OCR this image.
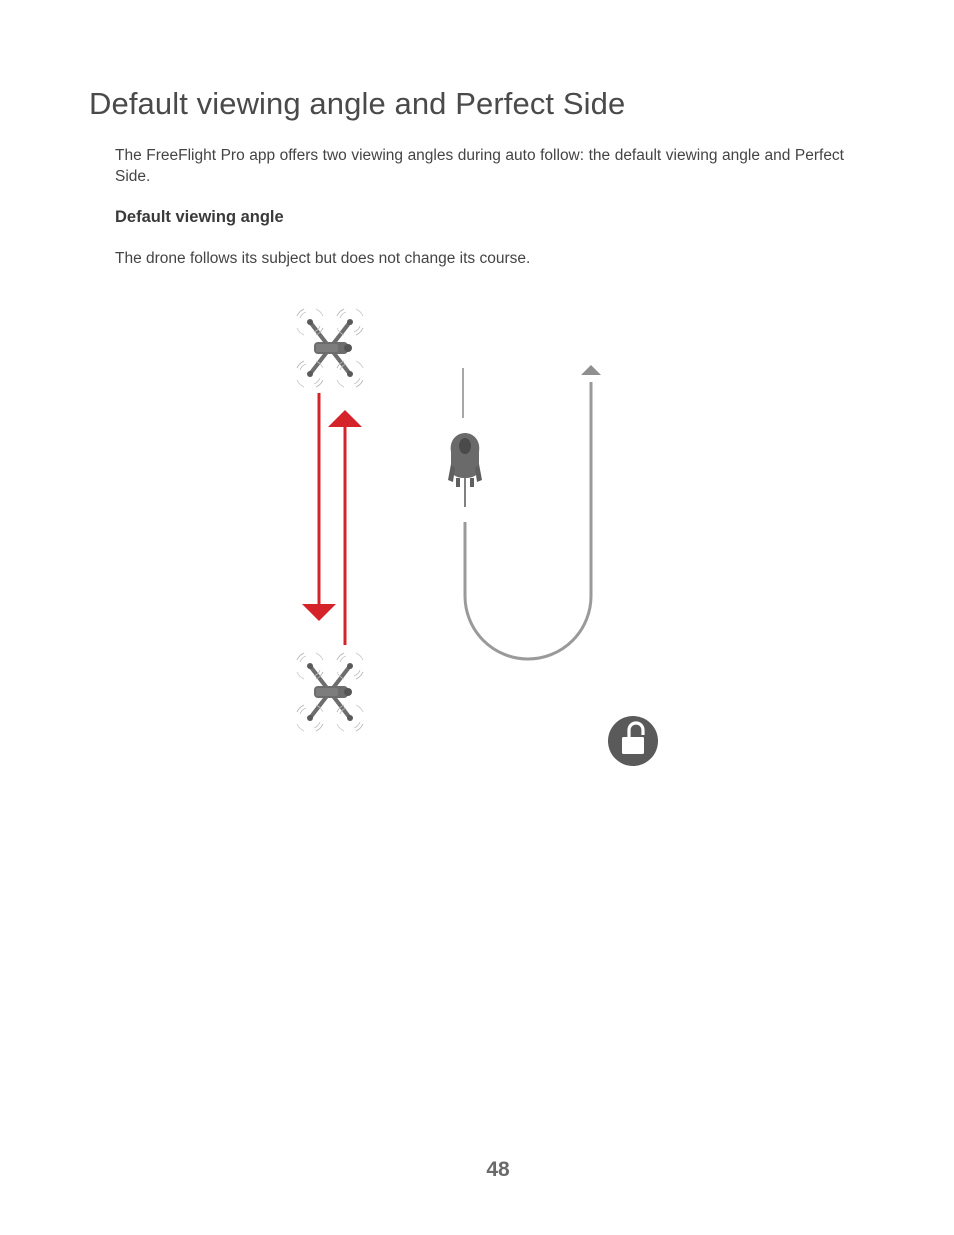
Default viewing angle and Perfect Side

The FreeFlight Pro app offers two viewing angles during auto follow: the default viewing angle and Perfect Side.

Default viewing angle

The drone follows its subject but does not change its course.

48
